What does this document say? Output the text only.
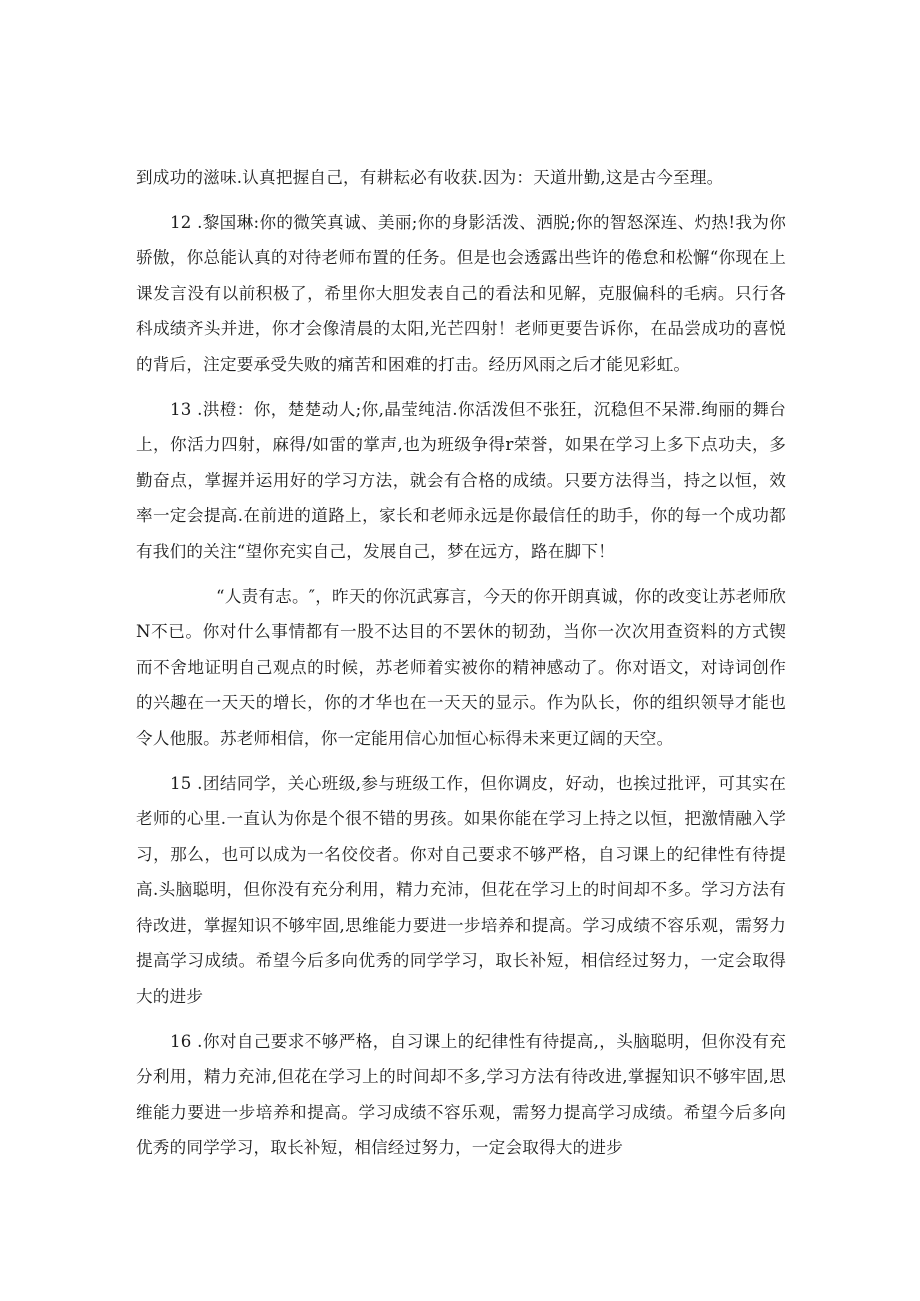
到成功的滋味.认真把握自己，有耕耘必有收获.因为：天道卅勤,这是古今至理。

12 .黎国琳:你的微笑真诚、美丽;你的身影活泼、洒脱;你的智怒深连、灼热!我为你骄傲，你总能认真的对待老师布置的任务。但是也会透露出些许的倦怠和松懈“你现在上课发言没有以前积极了，希里你大胆发表自己的看法和见解，克服偏科的毛病。只行各科成绩齐头并进，你才会像清晨的太阳,光芒四射！老师更要告诉你，在品尝成功的喜悦的背后，注定要承受失败的痛苦和困难的打击。经历风雨之后才能见彩虹。

13 .洪橙：你，楚楚动人;你,晶莹纯洁.你活泼但不张狂，沉稳但不呆滞.绚丽的舞台上，你活力四射，麻得/如雷的掌声,也为班级争得r荣誉，如果在学习上多下点功夫，多勤奋点，掌握并运用好的学习方法，就会有合格的成绩。只要方法得当，持之以恒，效率一定会提高.在前进的道路上，家长和老师永远是你最信任的助手，你的每一个成功都有我们的关注“望你充实自己，发展自己，梦在远方，路在脚下！

“人责有志。″，昨天的你沉武寡言，今天的你开朗真诚，你的改变让苏老师欣N不已。你对什么事情都有一股不达目的不罢休的韧劲，当你一次次用查资料的方式锲而不舍地证明自己观点的时候，苏老师着实被你的精神感动了。你对语文，对诗词创作的兴趣在一天天的增长，你的才华也在一天天的显示。作为队长，你的组织领导才能也令人他服。苏老师相信，你一定能用信心加恒心标得未来更辽阔的天空。

15 .团结同学，关心班级,参与班级工作，但你调皮，好动，也挨过批评，可其实在老师的心里.一直认为你是个很不错的男孩。如果你能在学习上持之以恒，把激情融入学习，那么，也可以成为一名佼佼者。你对自己要求不够严格，自习课上的纪律性有待提高.头脑聪明，但你没有充分利用，精力充沛，但花在学习上的时间却不多。学习方法有待改进，掌握知识不够牢固,思维能力要进一步培养和提高。学习成绩不容乐观，需努力提高学习成绩。希望今后多向优秀的同学学习，取长补短，相信经过努力，一定会取得大的进步

16 .你对自己要求不够严格，自习课上的纪律性有待提高,，头脑聪明，但你没有充分利用，精力充沛,但花在学习上的时间却不多,学习方法有待改进,掌握知识不够牢固,思维能力要进一步培养和提高。学习成绩不容乐观，需努力提高学习成绩。希望今后多向优秀的同学学习，取长补短，相信经过努力，一定会取得大的进步
